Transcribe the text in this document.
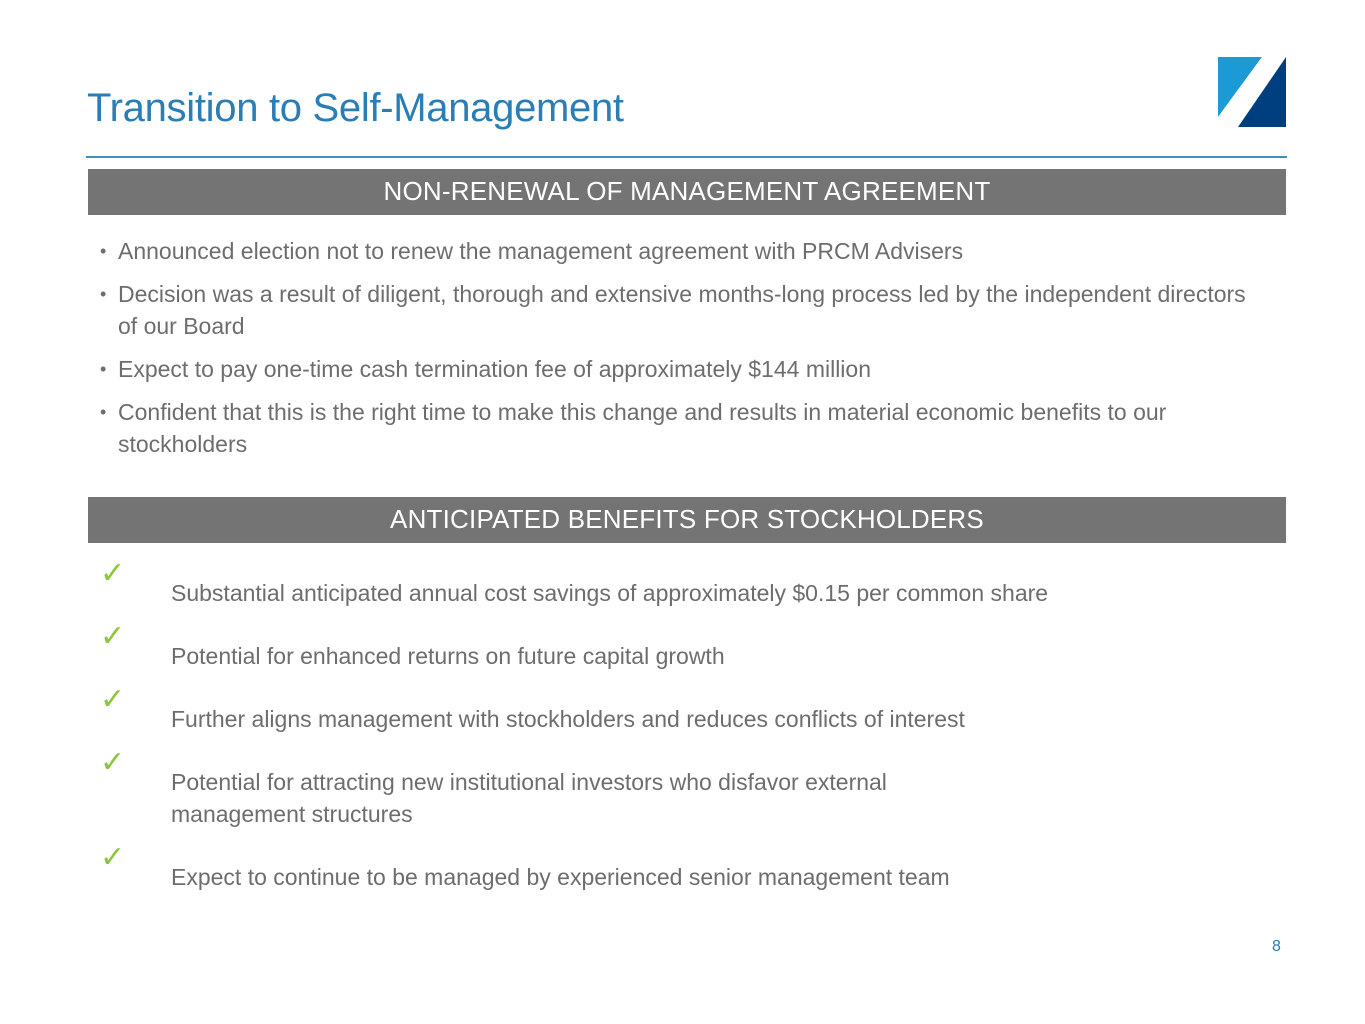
Transition to Self-Management
NON-RENEWAL OF MANAGEMENT AGREEMENT
• Announced election not to renew the management agreement with PRCM Advisers
• Decision was a result of diligent, thorough and extensive months-long process led by the independent directors of our Board
• Expect to pay one-time cash termination fee of approximately $144 million
• Confident that this is the right time to make this change and results in material economic benefits to our stockholders
ANTICIPATED BENEFITS FOR STOCKHOLDERS
✓
Substantial anticipated annual cost savings of approximately $0.15 per common share
✓
Potential for enhanced returns on future capital growth
✓
Further aligns management with stockholders and reduces conflicts of interest
✓
Potential for attracting new institutional investors who disfavor external management structures
✓
Expect to continue to be managed by experienced senior management team
8
